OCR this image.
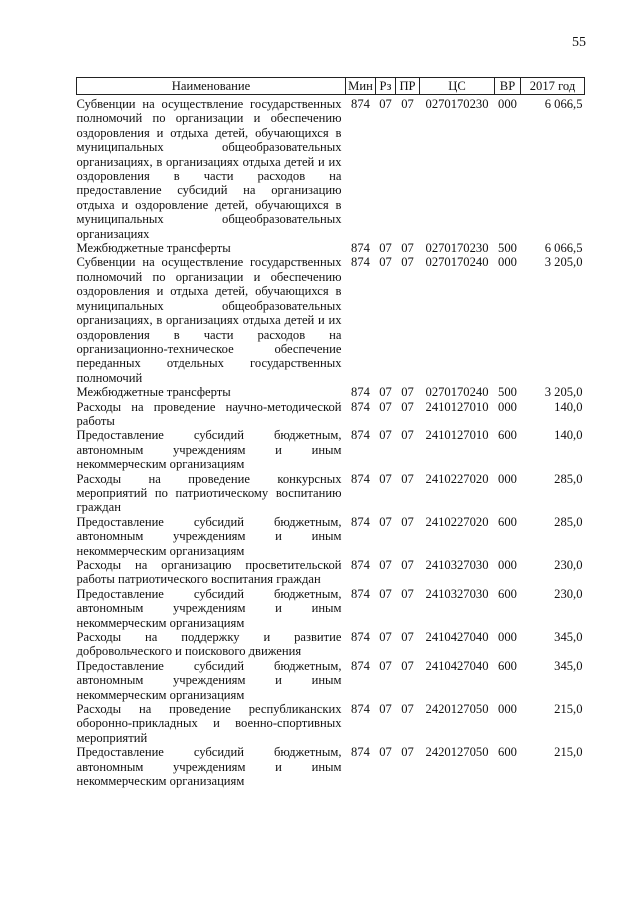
55
Наименование	Мин	Рз	ПР	ЦС	ВР	2017 год
Субвенции на осуществление государственных полномочий по организации и обеспечению оздоровления и отдыха детей, обучающихся в муниципальных общеобразовательных организациях, в организациях отдыха детей и их оздоровления в части расходов на предоставление субсидий на организацию отдыха и оздоровление детей, обучающихся в муниципальных общеобразовательных организациях	874	07	07	0270170230	000	6 066,5
Межбюджетные трансферты	874	07	07	0270170230	500	6 066,5
Субвенции на осуществление государственных полномочий по организации и обеспечению оздоровления и отдыха детей, обучающихся в муниципальных общеобразовательных организациях, в организациях отдыха детей и их оздоровления в части расходов на организационно-техническое обеспечение переданных отдельных государственных полномочий	874	07	07	0270170240	000	3 205,0
Межбюджетные трансферты	874	07	07	0270170240	500	3 205,0
Расходы на проведение научно-методической работы	874	07	07	2410127010	000	140,0
Предоставление субсидий бюджетным, автономным учреждениям и иным некоммерческим организациям	874	07	07	2410127010	600	140,0
Расходы на проведение конкурсных мероприятий по патриотическому воспитанию граждан	874	07	07	2410227020	000	285,0
Предоставление субсидий бюджетным, автономным учреждениям и иным некоммерческим организациям	874	07	07	2410227020	600	285,0
Расходы на организацию просветительской работы патриотического воспитания граждан	874	07	07	2410327030	000	230,0
Предоставление субсидий бюджетным, автономным учреждениям и иным некоммерческим организациям	874	07	07	2410327030	600	230,0
Расходы на поддержку и развитие добровольческого и поискового движения	874	07	07	2410427040	000	345,0
Предоставление субсидий бюджетным, автономным учреждениям и иным некоммерческим организациям	874	07	07	2410427040	600	345,0
Расходы на проведение республиканских оборонно-прикладных и военно-спортивных мероприятий	874	07	07	2420127050	000	215,0
Предоставление субсидий бюджетным, автономным учреждениям и иным некоммерческим организациям	874	07	07	2420127050	600	215,0
